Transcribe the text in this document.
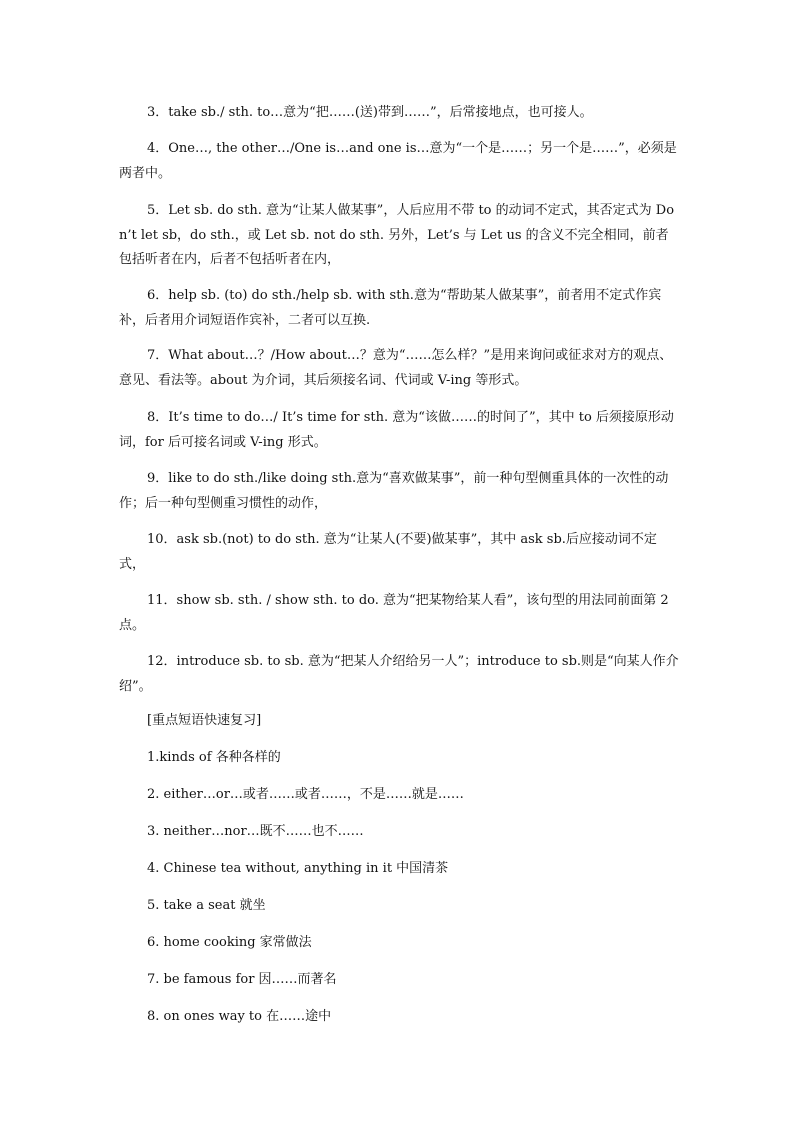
3．take sb./ sth. to…意为“把……(送)带到……”，后常接地点，也可接人。

4．One…, the other…/One is…and one is…意为“一个是……；另一个是……”，必须是两者中。

5．Let sb. do sth. 意为“让某人做某事”，人后应用不带 to 的动词不定式，其否定式为 Don’t let sb，do sth.，或 Let sb. not do sth. 另外，Let’s 与 Let us 的含义不完全相同，前者包括听者在内，后者不包括听者在内，

6．help sb. (to) do sth./help sb. with sth.意为“帮助某人做某事”，前者用不定式作宾补，后者用介词短语作宾补，二者可以互换.

7．What about…？/How about…？意为“……怎么样？”是用来询问或征求对方的观点、意见、看法等。about 为介词，其后须接名词、代词或 V-ing 等形式。

8．It’s time to do…/ It’s time for sth. 意为“该做……的时间了”，其中 to 后须接原形动词，for 后可接名词或 V-ing 形式。

9．like to do sth./like doing sth.意为“喜欢做某事”，前一种句型侧重具体的一次性的动作；后一种句型侧重习惯性的动作，

10．ask sb.(not) to do sth. 意为“让某人(不要)做某事”，其中 ask sb.后应接动词不定式，

11．show sb. sth. / show sth. to do. 意为“把某物给某人看”，该句型的用法同前面第 2 点。

12．introduce sb. to sb. 意为“把某人介绍给另一人”；introduce to sb.则是“向某人作介绍”。

[重点短语快速复习]

1.kinds of 各种各样的

2. either…or…或者……或者……，不是……就是……

3. neither…nor…既不……也不……

4. Chinese tea without, anything in it 中国清茶

5. take a seat 就坐

6. home cooking 家常做法

7. be famous for 因……而著名

8. on ones way to 在……途中
